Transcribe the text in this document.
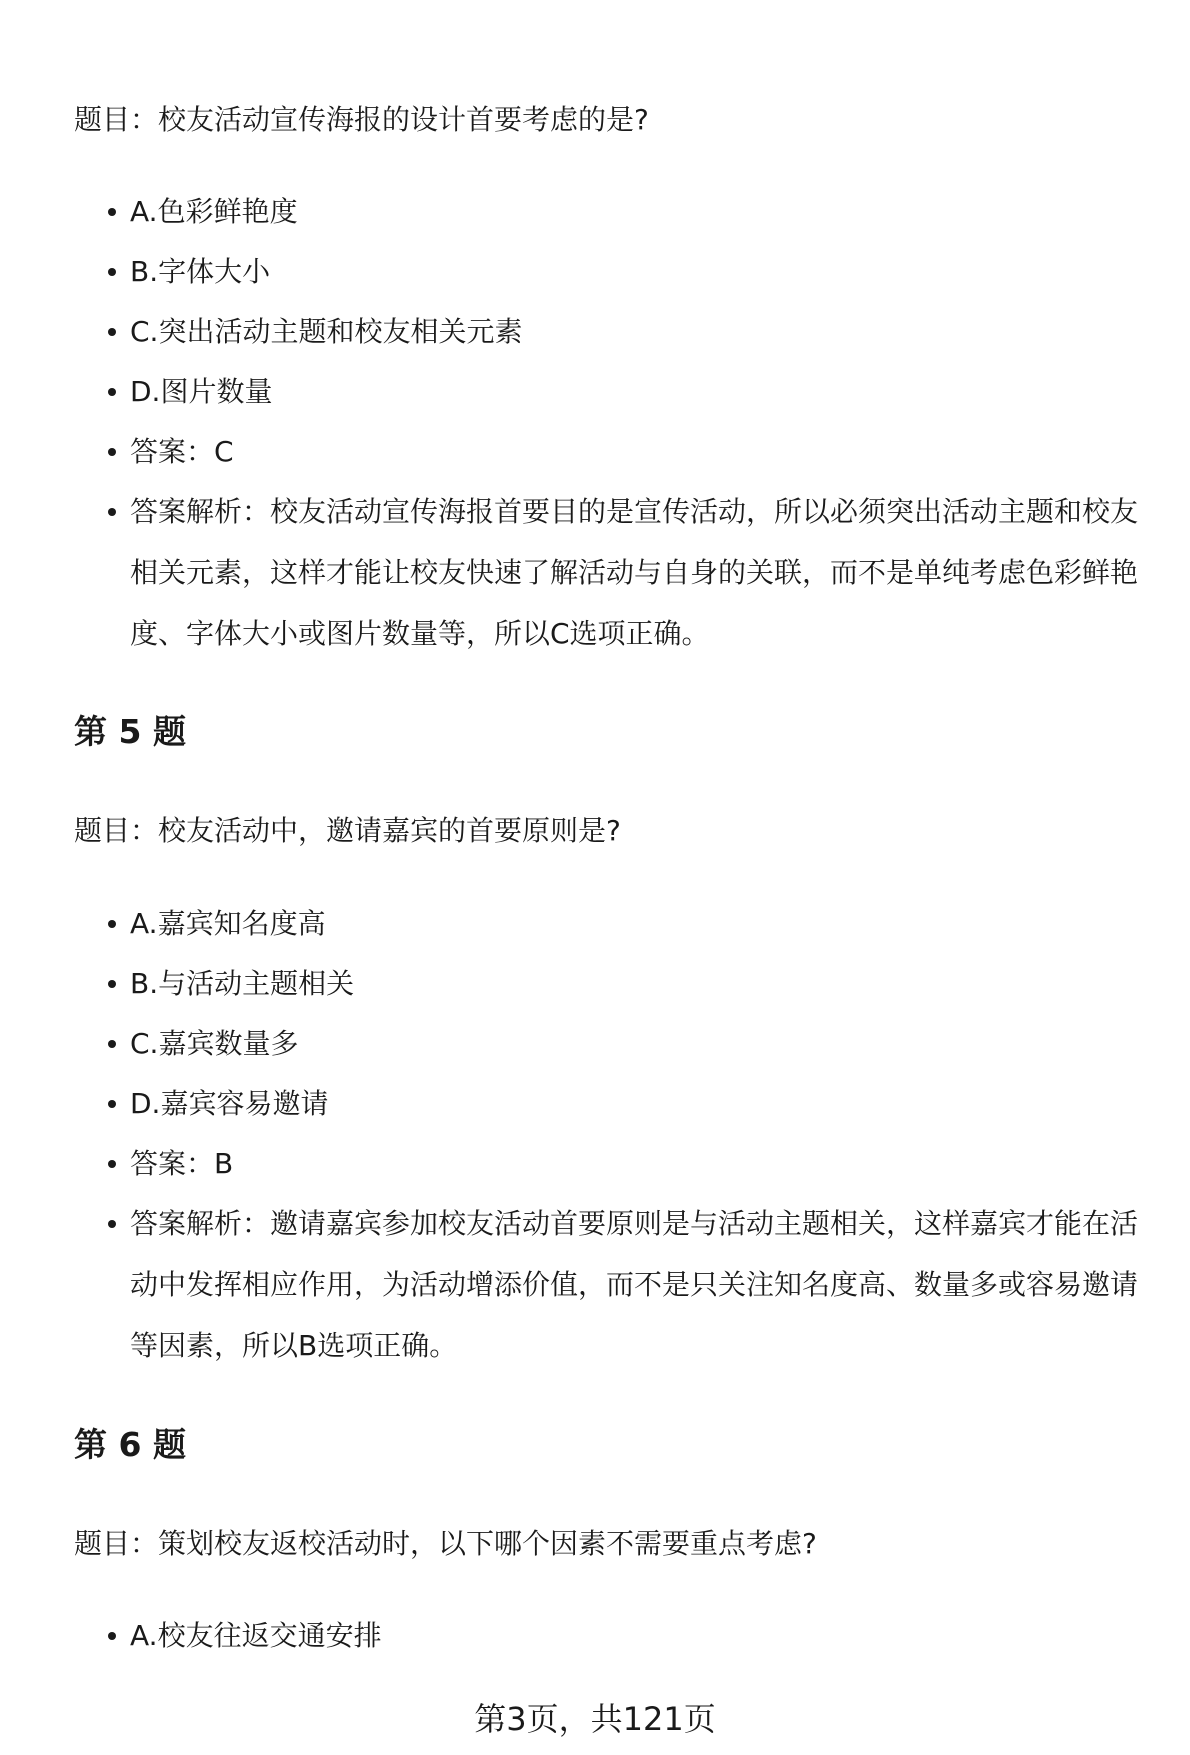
题目：校友活动宣传海报的设计首要考虑的是?
A.色彩鲜艳度
B.字体大小
C.突出活动主题和校友相关元素
D.图片数量
答案：C
答案解析：校友活动宣传海报首要目的是宣传活动，所以必须突出活动主题和校友相关元素，这样才能让校友快速了解活动与自身的关联，而不是单纯考虑色彩鲜艳度、字体大小或图片数量等，所以C选项正确。
第 5 题
题目：校友活动中，邀请嘉宾的首要原则是?
A.嘉宾知名度高
B.与活动主题相关
C.嘉宾数量多
D.嘉宾容易邀请
答案：B
答案解析：邀请嘉宾参加校友活动首要原则是与活动主题相关，这样嘉宾才能在活动中发挥相应作用，为活动增添价值，而不是只关注知名度高、数量多或容易邀请等因素，所以B选项正确。
第 6 题
题目：策划校友返校活动时，以下哪个因素不需要重点考虑?
A.校友往返交通安排
第3页，共121页
